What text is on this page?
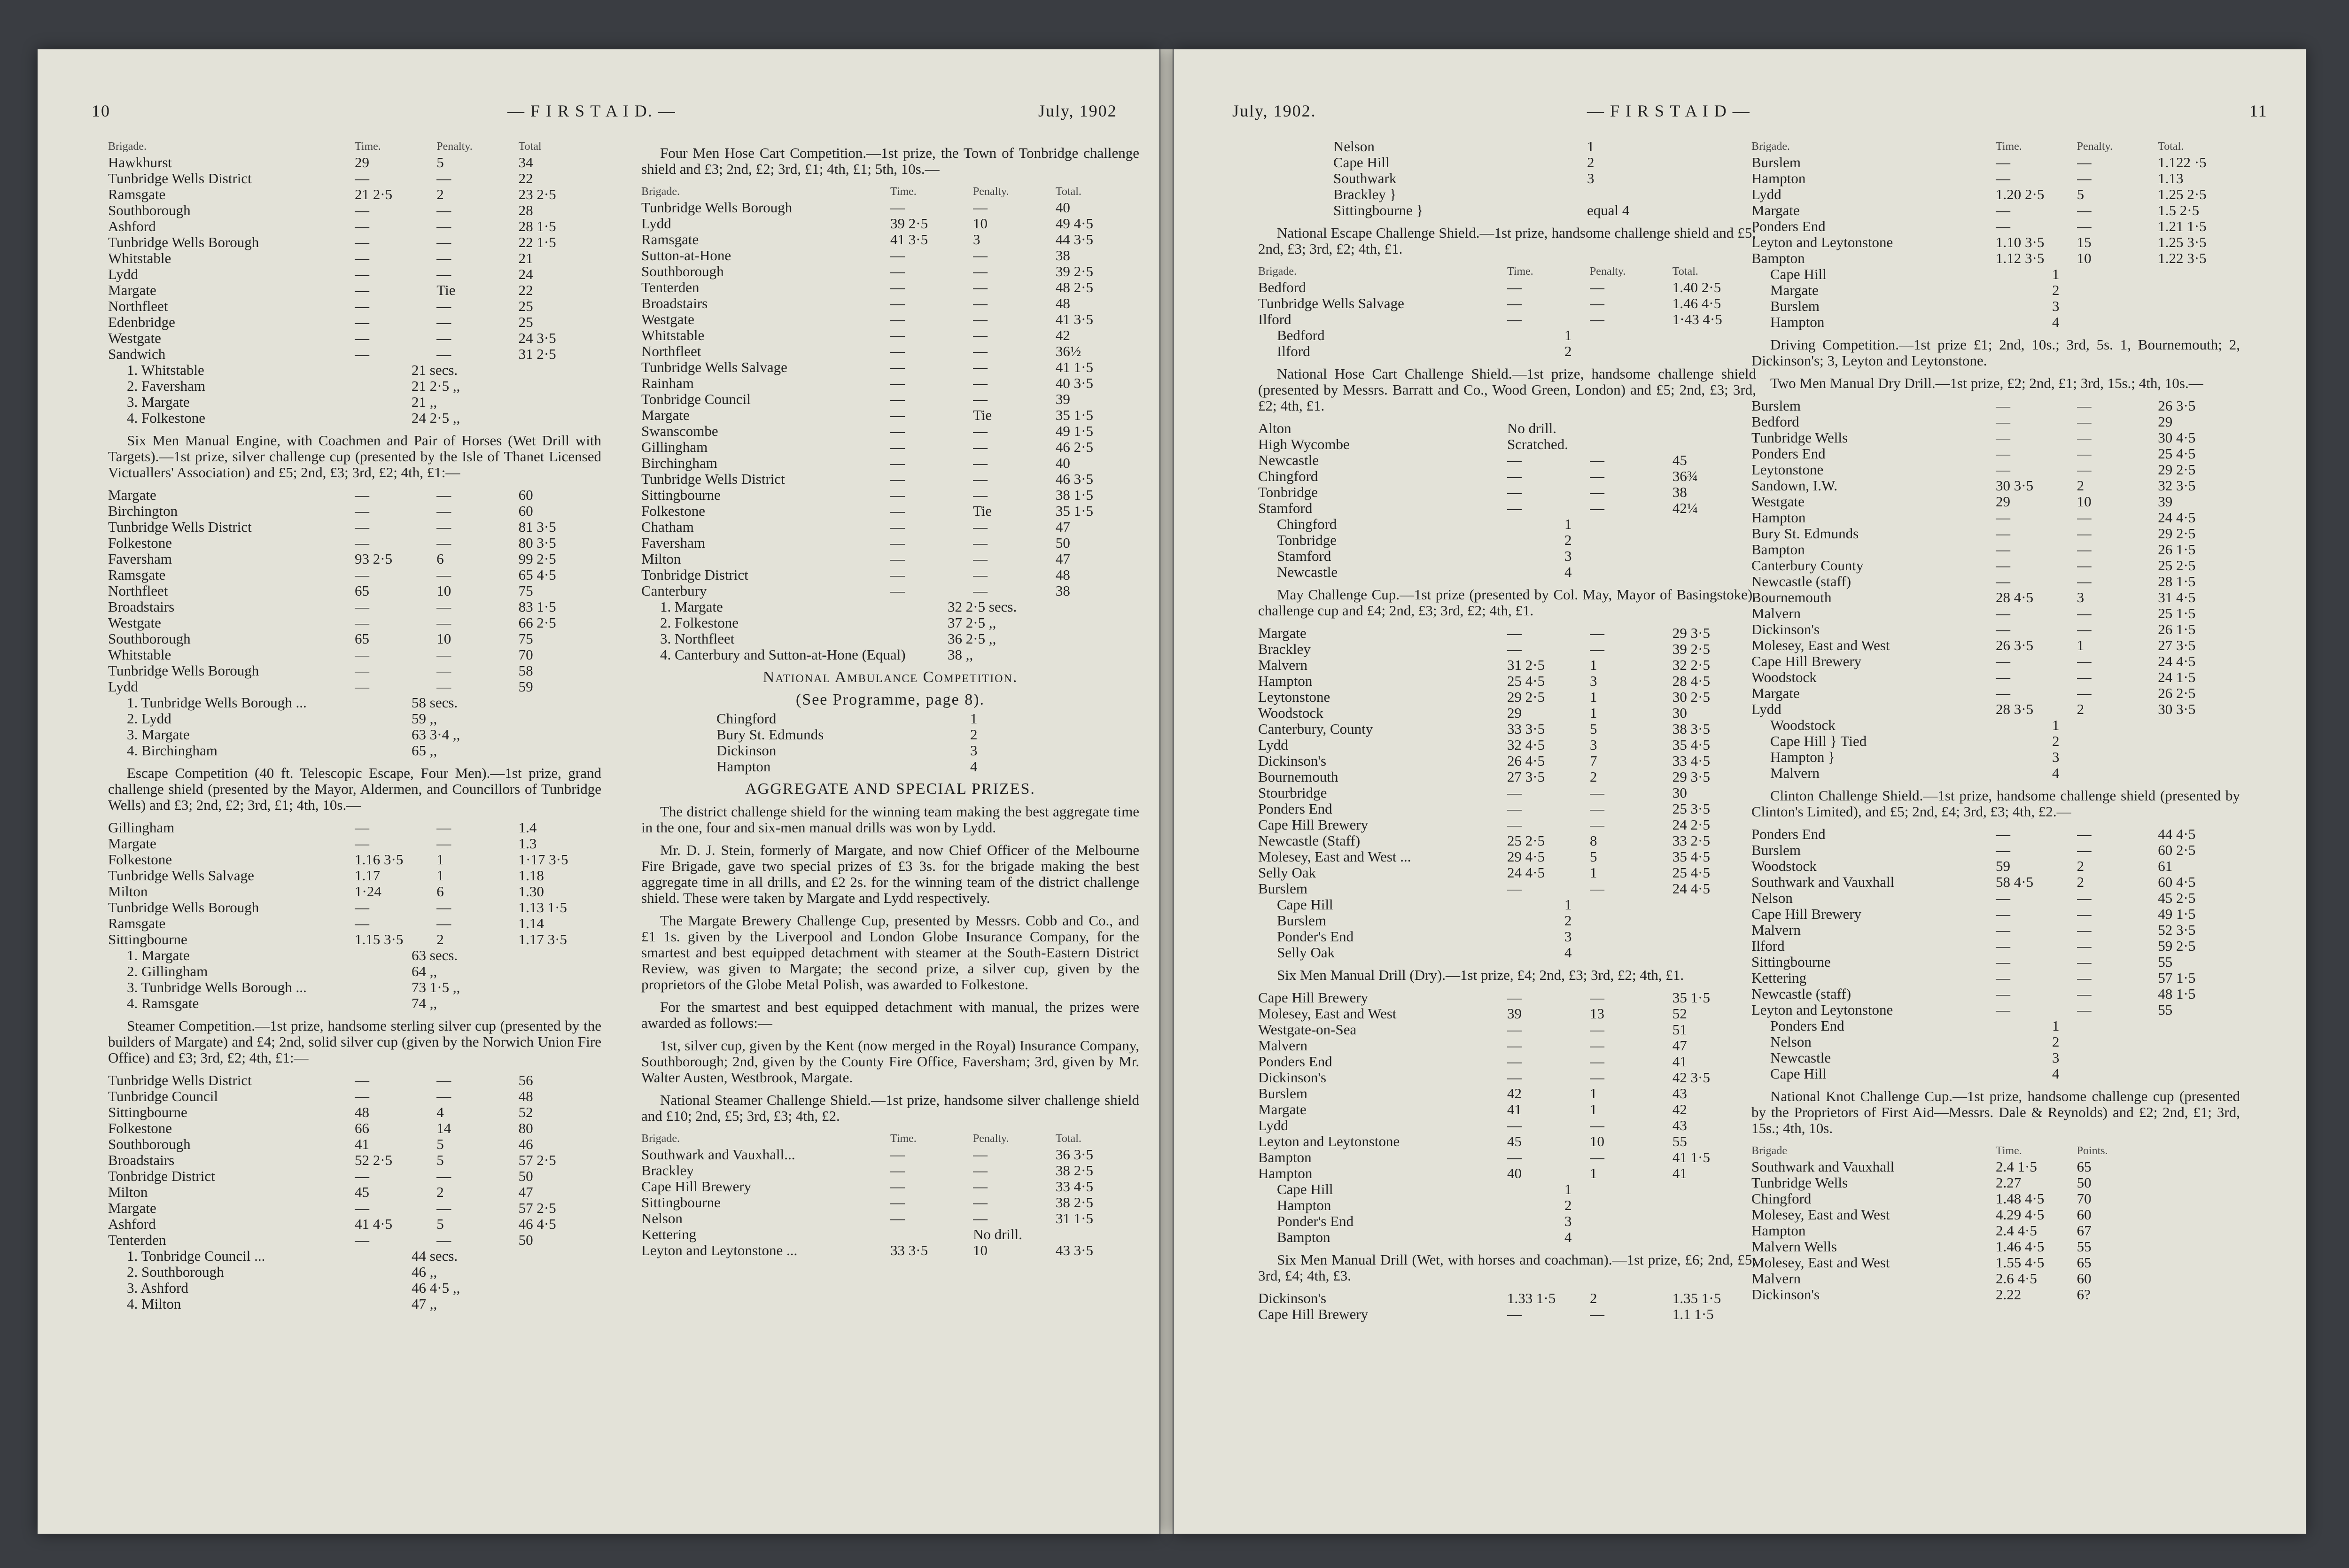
10	— F I R S T A I D. —	July, 1902
Brigade.	Time.	Penalty.	Total
Hawkhurst	29	5	34
Tunbridge Wells District	—	—	22
Ramsgate	21 2·5	2	23 2·5
Southborough	—	—	28
Ashford	—	—	28 1·5
Tunbridge Wells Borough	—	—	22 1·5
Whitstable	—	—	21
Lydd	—	—	24
Margate	—	Tie	22
Northfleet	—	—	25
Edenbridge	—	—	25
Westgate	—	—	24 3·5
Sandwich	—	—	31 2·5
1. Whitstable	21 secs.
2. Faversham	21 2·5 ,,
3. Margate	21 ,,
4. Folkestone	24 2·5 ,,
Six Men Manual Engine, with Coachmen and Pair of Horses (Wet Drill with Targets).—1st prize, silver challenge cup (presented by the Isle of Thanet Licensed Victuallers' Association) and £5; 2nd, £3; 3rd, £2; 4th, £1:—
Margate	—	—	60
Birchington	—	—	60
Tunbridge Wells District	—	—	81 3·5
Folkestone	—	—	80 3·5
Faversham	93 2·5	6	99 2·5
Ramsgate	—	—	65 4·5
Northfleet	65	10	75
Broadstairs	—	—	83 1·5
Westgate	—	—	66 2·5
Southborough	65	10	75
Whitstable	—	—	70
Tunbridge Wells Borough	—	—	58
Lydd	—	—	59
1. Tunbridge Wells Borough ...	58 secs.
2. Lydd	59 ,,
3. Margate	63 3·4 ,,
4. Birchingham	65 ,,
Escape Competition (40 ft. Telescopic Escape, Four Men).—1st prize, grand challenge shield (presented by the Mayor, Aldermen, and Councillors of Tunbridge Wells) and £3; 2nd, £2; 3rd, £1; 4th, 10s.—
Gillingham	—	—	1.4
Margate	—	—	1.3
Folkestone	1.16 3·5	1	1·17 3·5
Tunbridge Wells Salvage	1.17	1	1.18
Milton	1·24	6	1.30
Tunbridge Wells Borough	—	—	1.13 1·5
Ramsgate	—	—	1.14
Sittingbourne	1.15 3·5	2	1.17 3·5
1. Margate	63 secs.
2. Gillingham	64 ,,
3. Tunbridge Wells Borough ...	73 1·5 ,,
4. Ramsgate	74 ,,
Steamer Competition.—1st prize, handsome sterling silver cup (presented by the builders of Margate) and £4; 2nd, solid silver cup (given by the Norwich Union Fire Office) and £3; 3rd, £2; 4th, £1:—
Tunbridge Wells District	—	—	56
Tunbridge Council	—	—	48
Sittingbourne	48	4	52
Folkestone	66	14	80
Southborough	41	5	46
Broadstairs	52 2·5	5	57 2·5
Tonbridge District	—	—	50
Milton	45	2	47
Margate	—	—	57 2·5
Ashford	41 4·5	5	46 4·5
Tenterden	—	—	50
1. Tonbridge Council ...	44 secs.
2. Southborough	46 ,,
3. Ashford	46 4·5 ,,
4. Milton	47 ,,
Four Men Hose Cart Competition.—1st prize, the Town of Tonbridge challenge shield and £3; 2nd, £2; 3rd, £1; 4th, £1; 5th, 10s.—
Brigade.	Time.	Penalty.	Total.
Tunbridge Wells Borough	—	—	40
Lydd	39 2·5	10	49 4·5
Ramsgate	41 3·5	3	44 3·5
Sutton-at-Hone	—	—	38
Southborough	—	—	39 2·5
Tenterden	—	—	48 2·5
Broadstairs	—	—	48
Westgate	—	—	41 3·5
Whitstable	—	—	42
Northfleet	—	—	36½
Tunbridge Wells Salvage	—	—	41 1·5
Rainham	—	—	40 3·5
Tonbridge Council	—	—	39
Margate	—	Tie	35 1·5
Swanscombe	—	—	49 1·5
Gillingham	—	—	46 2·5
Birchingham	—	—	40
Tunbridge Wells District	—	—	46 3·5
Sittingbourne	—	—	38 1·5
Folkestone	—	Tie	35 1·5
Chatham	—	—	47
Faversham	—	—	50
Milton	—	—	47
Tonbridge District	—	—	48
Canterbury	—	—	38
1. Margate	32 2·5 secs.
2. Folkestone	37 2·5 ,,
3. Northfleet	36 2·5 ,,
4. Canterbury and Sutton-at-Hone (Equal)	38 ,,
National Ambulance Competition.
(See Programme, page 8).
Chingford	1
Bury St. Edmunds	2
Dickinson	3
Hampton	4
AGGREGATE AND SPECIAL PRIZES.
The district challenge shield for the winning team making the best aggregate time in the one, four and six-men manual drills was won by Lydd.
Mr. D. J. Stein, formerly of Margate, and now Chief Officer of the Melbourne Fire Brigade, gave two special prizes of £3 3s. for the brigade making the best aggregate time in all drills, and £2 2s. for the winning team of the district challenge shield. These were taken by Margate and Lydd respectively.
The Margate Brewery Challenge Cup, presented by Messrs. Cobb and Co., and £1 1s. given by the Liverpool and London Globe Insurance Company, for the smartest and best equipped detachment with steamer at the South-Eastern District Review, was given to Margate; the second prize, a silver cup, given by the proprietors of the Globe Metal Polish, was awarded to Folkestone.
For the smartest and best equipped detachment with manual, the prizes were awarded as follows:—
1st, silver cup, given by the Kent (now merged in the Royal) Insurance Company, Southborough; 2nd, given by the County Fire Office, Faversham; 3rd, given by Mr. Walter Austen, Westbrook, Margate.
National Steamer Challenge Shield.—1st prize, handsome silver challenge shield and £10; 2nd, £5; 3rd, £3; 4th, £2.
Brigade.	Time.	Penalty.	Total.
Southwark and Vauxhall...	—	—	36 3·5
Brackley	—	—	38 2·5
Cape Hill Brewery	—	—	33 4·5
Sittingbourne	—	—	38 2·5
Nelson	—	—	31 1·5
Kettering	No drill.
Leyton and Leytonstone ...	33 3·5	10	43 3·5
July, 1902.	— F I R S T A I D —	11
Nelson	1
Cape Hill	2
Southwark	3
Brackley }
Sittingbourne }	equal 4
National Escape Challenge Shield.—1st prize, handsome challenge shield and £5; 2nd, £3; 3rd, £2; 4th, £1.
Brigade.	Time.	Penalty.	Total.
Bedford	—	—	1.40 2·5
Tunbridge Wells Salvage	—	—	1.46 4·5
Ilford	—	—	1·43 4·5
Bedford	1
Ilford	2
National Hose Cart Challenge Shield.—1st prize, handsome challenge shield (presented by Messrs. Barratt and Co., Wood Green, London) and £5; 2nd, £3; 3rd, £2; 4th, £1.
Alton	No drill.
High Wycombe	Scratched.
Newcastle	—	—	45
Chingford	—	—	36¾
Tonbridge	—	—	38
Stamford	—	—	42¼
Chingford	1
Tonbridge	2
Stamford	3
Newcastle	4
May Challenge Cup.—1st prize (presented by Col. May, Mayor of Basingstoke), challenge cup and £4; 2nd, £3; 3rd, £2; 4th, £1.
Margate	—	—	29 3·5
Brackley	—	—	39 2·5
Malvern	31 2·5	1	32 2·5
Hampton	25 4·5	3	28 4·5
Leytonstone	29 2·5	1	30 2·5
Woodstock	29	1	30
Canterbury, County	33 3·5	5	38 3·5
Lydd	32 4·5	3	35 4·5
Dickinson's	26 4·5	7	33 4·5
Bournemouth	27 3·5	2	29 3·5
Stourbridge	—	—	30
Ponders End	—	—	25 3·5
Cape Hill Brewery	—	—	24 2·5
Newcastle (Staff)	25 2·5	8	33 2·5
Molesey, East and West ...	29 4·5	5	35 4·5
Selly Oak	24 4·5	1	25 4·5
Burslem	—	—	24 4·5
Cape Hill	1
Burslem	2
Ponder's End	3
Selly Oak	4
Six Men Manual Drill (Dry).—1st prize, £4; 2nd, £3; 3rd, £2; 4th, £1.
Cape Hill Brewery	—	—	35 1·5
Molesey, East and West	39	13	52
Westgate-on-Sea	—	—	51
Malvern	—	—	47
Ponders End	—	—	41
Dickinson's	—	—	42 3·5
Burslem	42	1	43
Margate	41	1	42
Lydd	—	—	43
Leyton and Leytonstone	45	10	55
Bampton	—	—	41 1·5
Hampton	40	1	41
Cape Hill	1
Hampton	2
Ponder's End	3
Bampton	4
Six Men Manual Drill (Wet, with horses and coachman).—1st prize, £6; 2nd, £5; 3rd, £4; 4th, £3.
Dickinson's	1.33 1·5	2	1.35 1·5
Cape Hill Brewery	—	—	1.1 1·5
Brigade.	Time.	Penalty.	Total.
Burslem	—	—	1.122 ·5
Hampton	—	—	1.13
Lydd	1.20 2·5	5	1.25 2·5
Margate	—	—	1.5 2·5
Ponders End	—	—	1.21 1·5
Leyton and Leytonstone	1.10 3·5	15	1.25 3·5
Bampton	1.12 3·5	10	1.22 3·5
Cape Hill	1
Margate	2
Burslem	3
Hampton	4
Driving Competition.—1st prize £1; 2nd, 10s.; 3rd, 5s. 1, Bournemouth; 2, Dickinson's; 3, Leyton and Leytonstone.
Two Men Manual Dry Drill.—1st prize, £2; 2nd, £1; 3rd, 15s.; 4th, 10s.—
Burslem	—	—	26 3·5
Bedford	—	—	29
Tunbridge Wells	—	—	30 4·5
Ponders End	—	—	25 4·5
Leytonstone	—	—	29 2·5
Sandown, I.W.	30 3·5	2	32 3·5
Westgate	29	10	39
Hampton	—	—	24 4·5
Bury St. Edmunds	—	—	29 2·5
Bampton	—	—	26 1·5
Canterbury County	—	—	25 2·5
Newcastle (staff)	—	—	28 1·5
Bournemouth	28 4·5	3	31 4·5
Malvern	—	—	25 1·5
Dickinson's	—	—	26 1·5
Molesey, East and West	26 3·5	1	27 3·5
Cape Hill Brewery	—	—	24 4·5
Woodstock	—	—	24 1·5
Margate	—	—	26 2·5
Lydd	28 3·5	2	30 3·5
Woodstock	1
Cape Hill } Tied	2
Hampton }	3
Malvern	4
Clinton Challenge Shield.—1st prize, handsome challenge shield (presented by Clinton's Limited), and £5; 2nd, £4; 3rd, £3; 4th, £2.—
Ponders End	—	—	44 4·5
Burslem	—	—	60 2·5
Woodstock	59	2	61
Southwark and Vauxhall	58 4·5	2	60 4·5
Nelson	—	—	45 2·5
Cape Hill Brewery	—	—	49 1·5
Malvern	—	—	52 3·5
Ilford	—	—	59 2·5
Sittingbourne	—	—	55
Kettering	—	—	57 1·5
Newcastle (staff)	—	—	48 1·5
Leyton and Leytonstone	—	—	55
Ponders End	1
Nelson	2
Newcastle	3
Cape Hill	4
National Knot Challenge Cup.—1st prize, handsome challenge cup (presented by the Proprietors of First Aid—Messrs. Dale & Reynolds) and £2; 2nd, £1; 3rd, 15s.; 4th, 10s.
Brigade	Time.	Points.
Southwark and Vauxhall	2.4 1·5	65
Tunbridge Wells	2.27	50
Chingford	1.48 4·5	70
Molesey, East and West	4.29 4·5	60
Hampton	2.4 4·5	67
Malvern Wells	1.46 4·5	55
Molesey, East and West	1.55 4·5	65
Malvern	2.6 4·5	60
Dickinson's	2.22	6?
